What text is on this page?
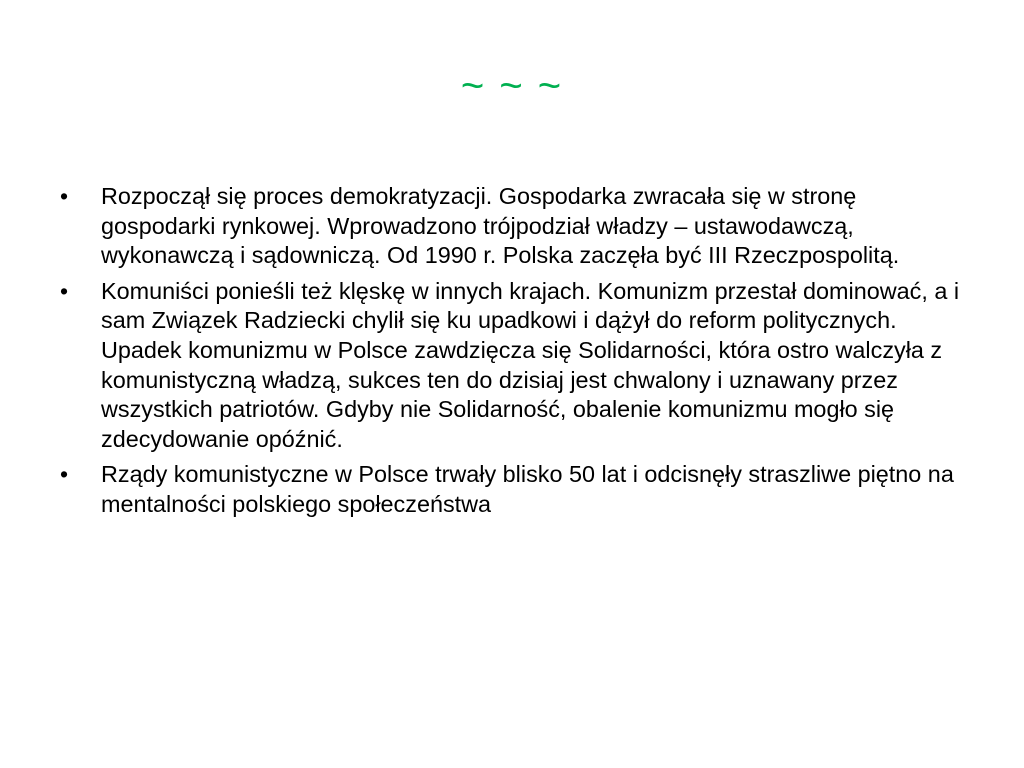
~ ~ ~
•	Rozpoczął się proces demokratyzacji. Gospodarka zwracała się w stronę gospodarki rynkowej. Wprowadzono trójpodział władzy – ustawodawczą, wykonawczą i sądowniczą. Od 1990 r. Polska zaczęła być III Rzeczpospolitą.
•	Komuniści ponieśli też klęskę w innych krajach. Komunizm przestał dominować, a i sam Związek Radziecki chylił się ku upadkowi i dążył do reform politycznych. Upadek komunizmu w Polsce zawdzięcza się Solidarności, która ostro walczyła z komunistyczną władzą, sukces ten do dzisiaj jest chwalony i uznawany przez wszystkich patriotów. Gdyby nie Solidarność, obalenie komunizmu mogło się zdecydowanie opóźnić.
•	Rządy komunistyczne w Polsce trwały blisko 50 lat i odcisnęły straszliwe piętno na mentalności polskiego społeczeństwa
